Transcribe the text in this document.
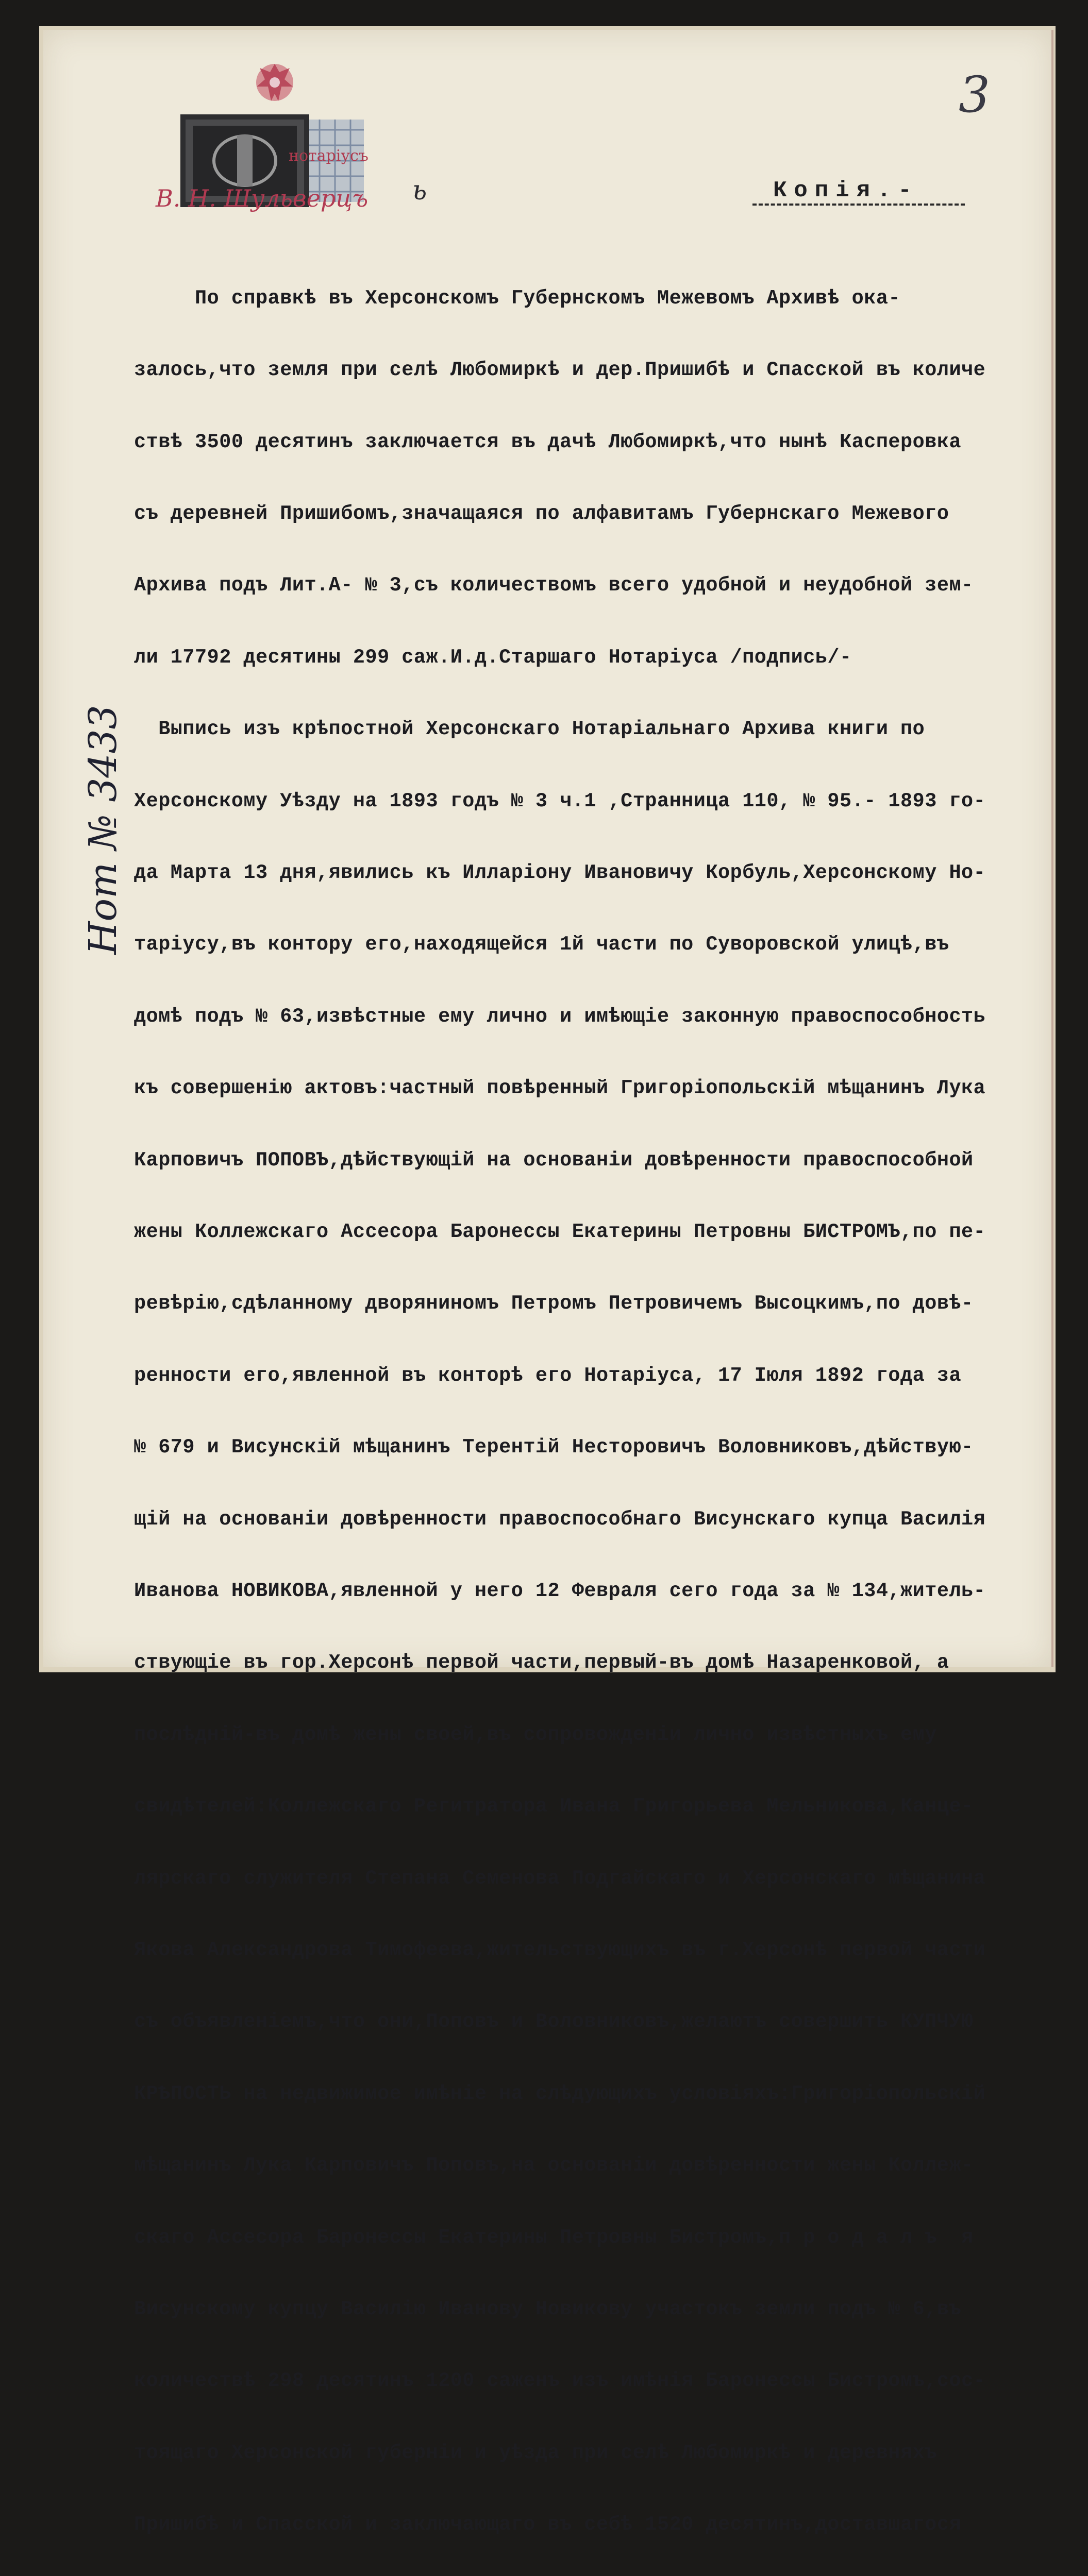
3
нотаріусъ
В. Н. Шульверцъ ь	Копія.-
Нот № 3433

По справкѣ въ Херсонскомъ Губернскомъ Межевомъ Архивѣ ока-

залось,что земля при селѣ Любомиркѣ и дер.Пришибѣ и Спасской въ количе

ствѣ 3500 десятинъ заключается въ дачѣ Любомиркѣ,что нынѣ Касперовка

съ деревней Пришибомъ,значащаяся по алфавитамъ Губернскаго Межевого

Архива подъ Лит.А- № 3,съ количествомъ всего удобной и неудобной зем-

ли 17792 десятины 299 саж.И.д.Старшаго Нотаріуса /подпись/-

Выпись изъ крѣпостной Херсонскаго Нотаріальнаго Архива книги по

Херсонскому Уѣзду на 1893 годъ № 3 ч.1 ,Странница 110, № 95.- 1893 го-

да Марта 13 дня,явились къ Илларіону Ивановичу Корбуль,Херсонскому Но-

таріусу,въ контору его,находящейся 1й части по Суворовской улицѣ,въ

домѣ подъ № 63,извѣстные ему лично и имѣющіе законную правоспособность

къ совершенію актовъ:частный повѣренный Григоріопольскій мѣщанинъ Лука

Карповичъ ПОПОВЪ,дѣйствующій на основаніи довѣренности правоспособной

жены Коллежскаго Ассесора Баронессы Екатерины Петровны БИСТРОМЪ,по пе-

ревѣрію,сдѣланному дворяниномъ Петромъ Петровичемъ Высоцкимъ,по довѣ-

ренности его,явленной въ конторѣ его Нотаріуса, 17 Іюля 1892 года за

№ 679 и Висунскій мѣщанинъ Терентій Несторовичъ Воловниковъ,дѣйствую-

щій на основаніи довѣренности правоспособнаго Висунскаго купца Василія

Иванова НОВИКОВА,явленной у него 12 Февраля сего года за № 134,житель-

ствующіе въ гор.Херсонѣ первой части,первый-въ домѣ Назаренковой, а

послѣдній-въ домѣ жены своей,въ сопровожденіи лично извѣстныхъ ему

свидѣтелей:Коллежскаго Регитратора Ивана Григорьева Мельникова,Канце-

лярскаго служителя Степана Семенова Подгайскаго и Херсонскаго мѣщанина

Якова Александрова Тимофеева,жительствующихъ въ г.Херсонѣ первой части

съ объявленіемъ,что они,Поповъ и Воловниковъ,желаютъ совершить КУПЧУЮ

КРѢПОСТЬ на недвижимое имѣніе на слѣдующихъ условіяхъ:Григоріопольскій

мѣщанинъ Лука Карповичъ Поповъ,на основаніи довѣренности жены Коллеж-

скаго Ассесора Баронессы Екатерины Петровны Бистромъ,п р о д а л ъ  я

Висунскому купцу Василію Иванову Новикову участокъ земли подъ № 6,въ

количествѣ 298 десятинъ 1200 саженъ изъ имѣнія Баронессы Бистромъ,сос-

тоящаго Херсонской губерніи и уѣзда при селѣ Любомиркѣ и деревняхъ

Пришибѣ и Спасской и заключающаго въ себѣ 1520 десятинъ,доставшагося
